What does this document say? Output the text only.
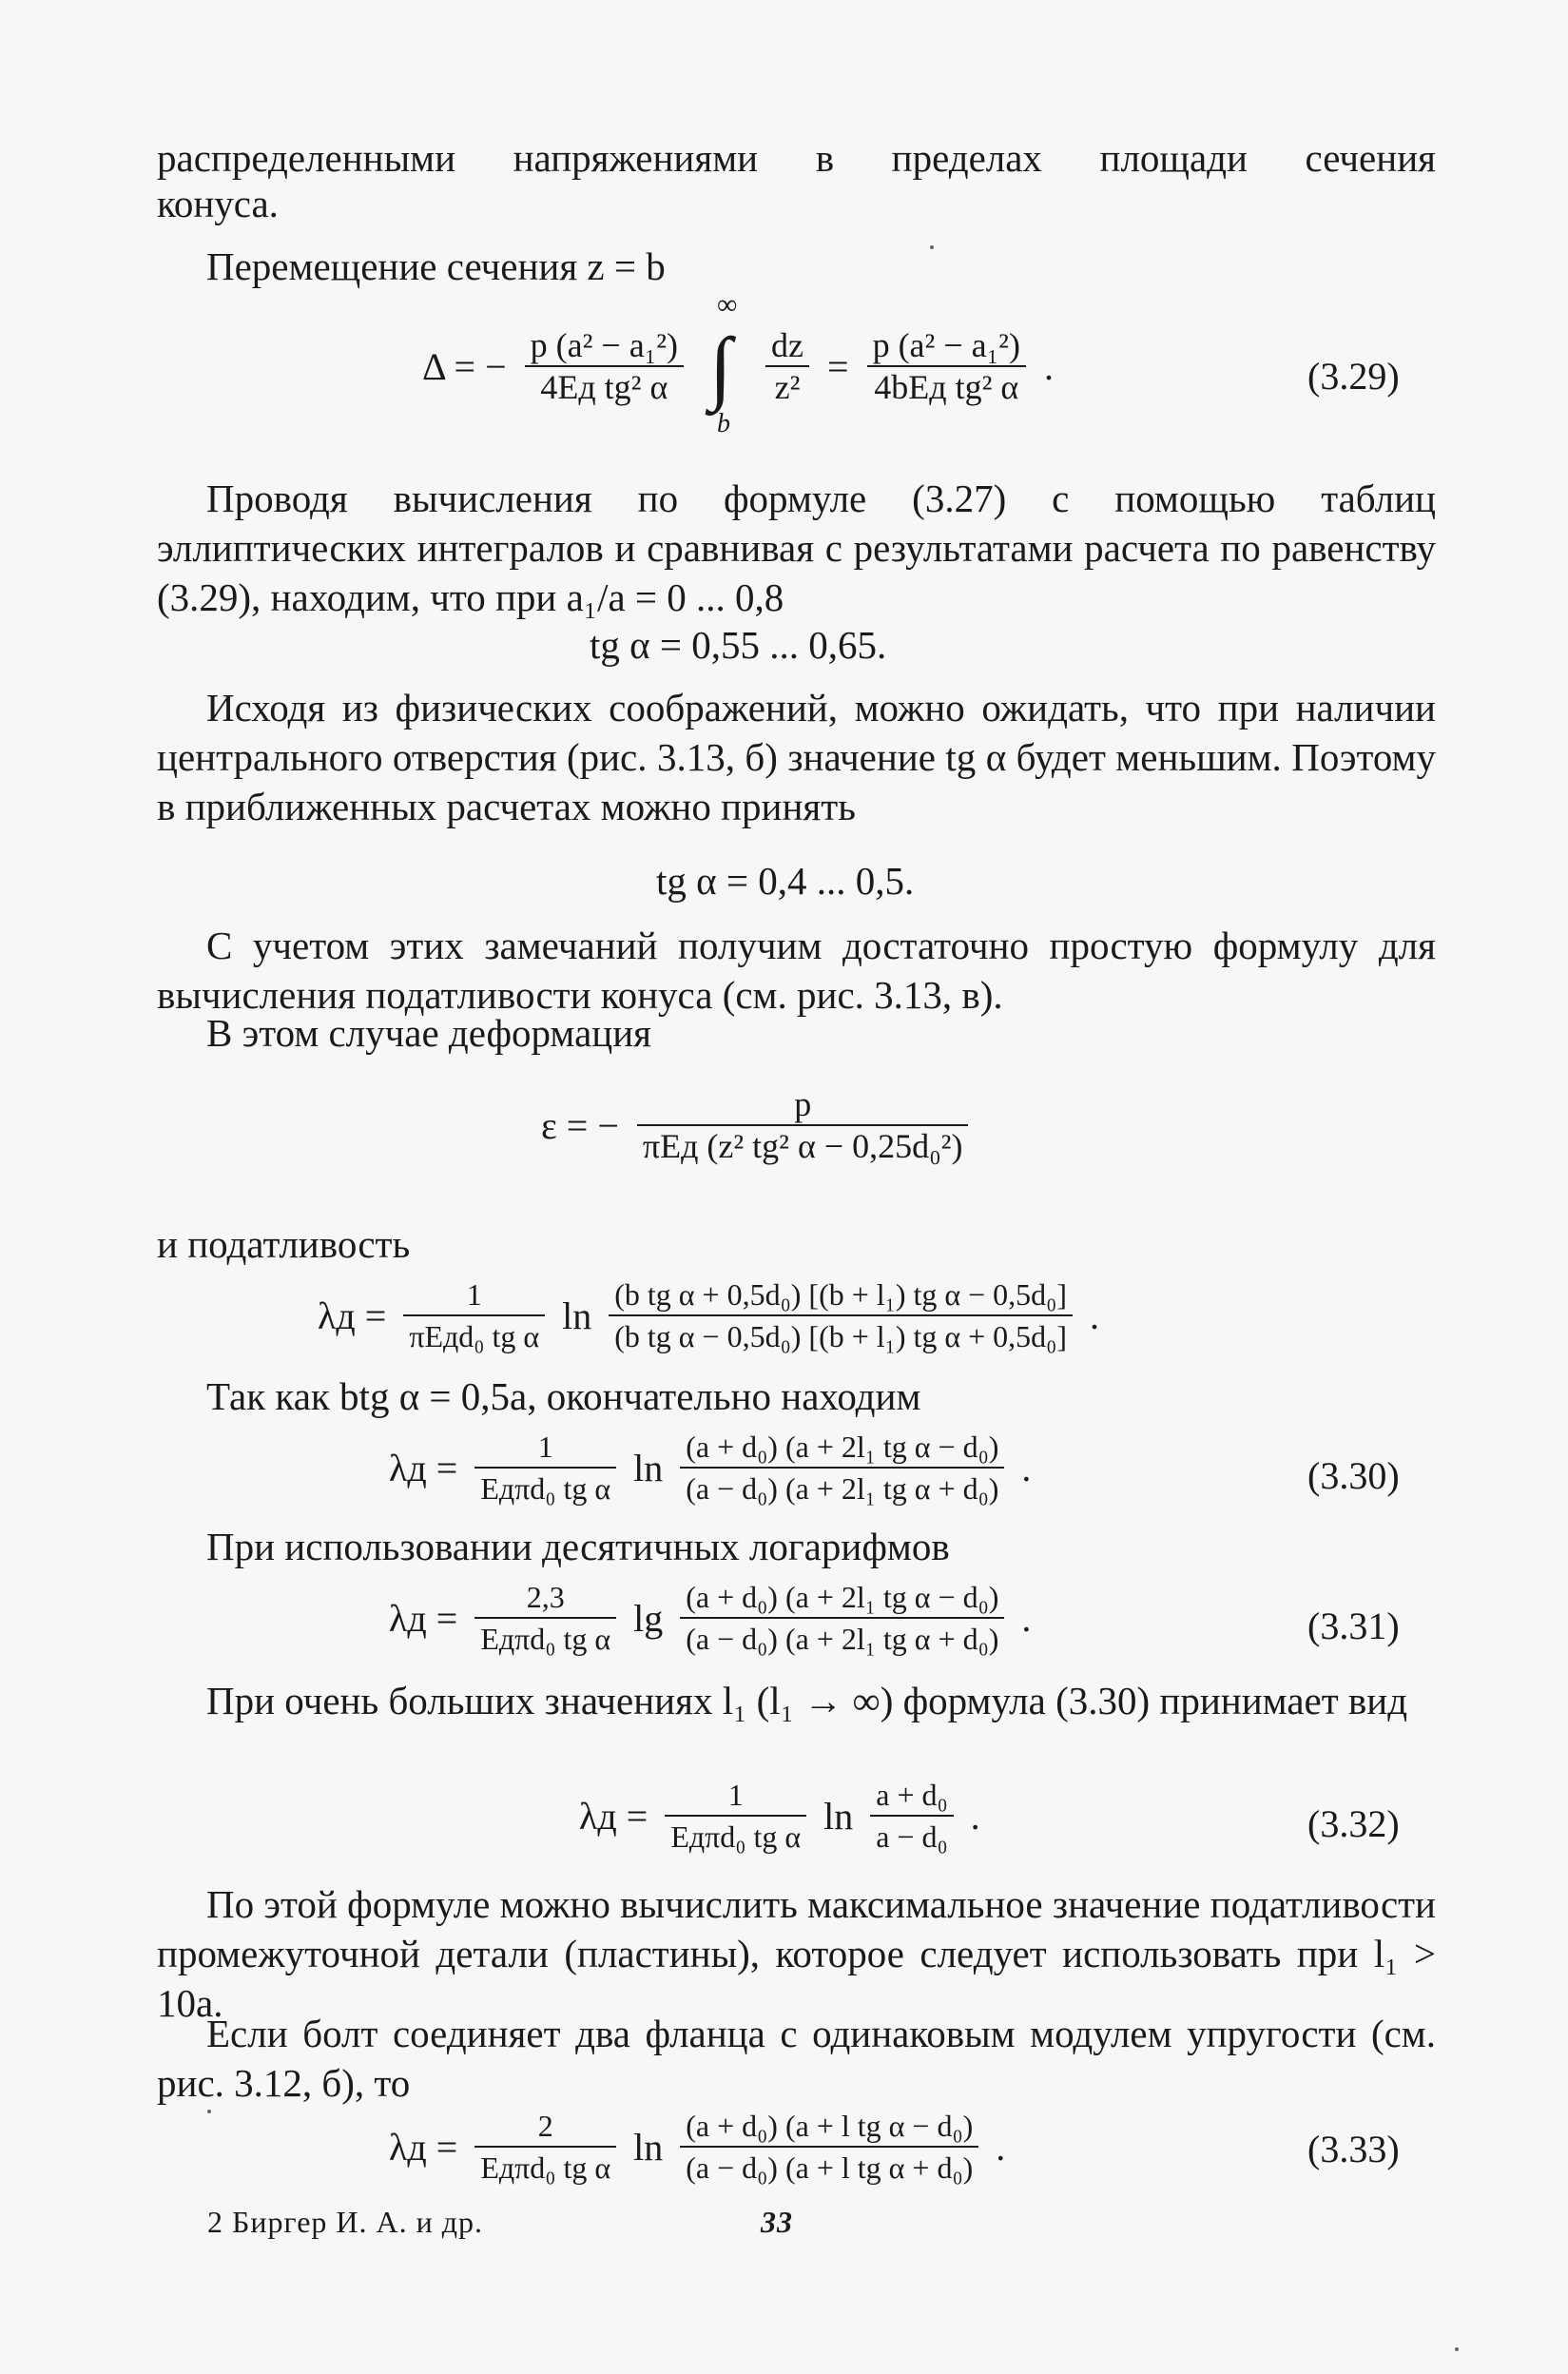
распределенными напряжениями в пределах площади сечения

конуса.

Перемещение сечения z = b

Δ = − $\frac{\text{p (a² − a₁²)}}{\text{4Eд tg² α}}$

∞
∫
b

$\frac{dz}{\text{z²}} = \frac{\text{p (a² − a₁²)}}{\text{4bEд tg² α}}$ .	(3.29)

Проводя вычисления по формуле (3.27) с помощью таблиц эллиптических интегралов и сравнивая с результатами расчета по равенству (3.29), находим, что при a₁/a = 0 ... 0,8

tg α = 0,55 ... 0,65.

Исходя из физических соображений, можно ожидать, что при наличии центрального отверстия (рис. 3.13, б) значение tg α будет меньшим. Поэтому в приближенных расчетах можно принять

tg α = 0,4 ... 0,5.

С учетом этих замечаний получим достаточно простую формулу для вычисления податливости конуса (см. рис. 3.13, в).

В этом случае деформация

ε = − $\frac{p}{\text{πEд (z² tg² α − 0,25d₀²)}}$

и податливость

$\lambda д = \frac{1}{\text{πEдd₀ tg α}}$ $\ln \frac{\text{(b tg α + 0,5d₀) [(b + l₁) tg α − 0,5d₀]}}{\text{(b tg α − 0,5d₀) [(b + l₁) tg α + 0,5d₀]}}$ .

Так как btg α = 0,5a, окончательно находим

$\lambda д = \frac{1}{\text{Eдπd₀ tg α}}$ $\ln \frac{\text{(a + d₀) (a + 2l₁ tg α − d₀)}}{\text{(a − d₀) (a + 2l₁ tg α + d₀)}}$ .	(3.30)

При использовании десятичных логарифмов

$\lambda д = \frac{2,3}{\text{Eдπd₀ tg α}}$ $\lg \frac{\text{(a + d₀) (a + 2l₁ tg α − d₀)}}{\text{(a − d₀) (a + 2l₁ tg α + d₀)}}$ .	(3.31)

При очень больших значениях l₁ (l₁ → ∞) формула (3.30) принимает вид

$\lambda д = \frac{1}{\text{Eдπd₀ tg α}}$ $\ln \frac{\text{a + d₀}}{\text{a − d₀}}$ .	(3.32)

По этой формуле можно вычислить максимальное значение податливости промежуточной детали (пластины), которое следует использовать при l₁ > 10a.

Если болт соединяет два фланца с одинаковым модулем упругости (см. рис. 3.12, б), то

$\lambda д = \frac{2}{\text{Eдπd₀ tg α}}$ $\ln \frac{\text{(a + d₀) (a + l tg α − d₀)}}{\text{(a − d₀) (a + l tg α + d₀)}}$ .	(3.33)
2 Биргер И. А. и др.	33
